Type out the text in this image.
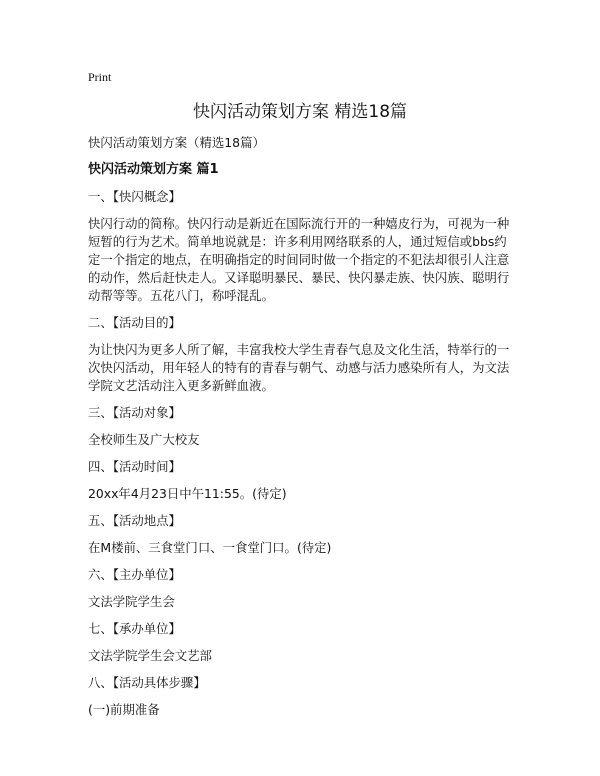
Print
快闪活动策划方案 精选18篇
快闪活动策划方案（精选18篇）
快闪活动策划方案 篇1
一、【快闪概念】
快闪行动的简称。快闪行动是新近在国际流行开的一种嬉皮行为，可视为一种短暂的行为艺术。简单地说就是：许多利用网络联系的人，通过短信或bbs约定一个指定的地点，在明确指定的时间同时做一个指定的不犯法却很引人注意的动作，然后赶快走人。又译聪明暴民、暴民、快闪暴走族、快闪族、聪明行动帮等等。五花八门，称呼混乱。
二、【活动目的】
为让快闪为更多人所了解，丰富我校大学生青春气息及文化生活，特举行的一次快闪活动，用年轻人的特有的青春与朝气、动感与活力感染所有人，为文法学院文艺活动注入更多新鲜血液。
三、【活动对象】
全校师生及广大校友
四、【活动时间】
20xx年4月23日中午11:55。(待定)
五、【活动地点】
在M楼前、三食堂门口、一食堂门口。(待定)
六、【主办单位】
文法学院学生会
七、【承办单位】
文法学院学生会文艺部
八、【活动具体步骤】
(一)前期准备
